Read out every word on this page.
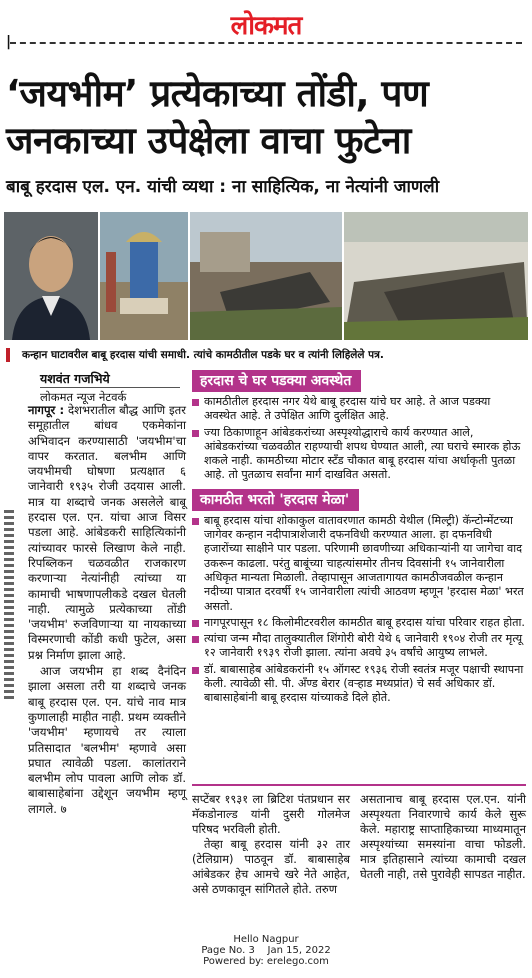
लोकमत
|
‘जयभीम’ प्रत्येकाच्या तोंडी, पण
जनकाच्या उपेक्षेला वाचा फुटेना
बाबू हरदास एल. एन. यांची व्यथा : ना साहित्यिक, ना नेत्यांनी जाणली
कन्हान घाटावरील बाबू हरदास यांची समाधी. त्यांचे कामठीतील पडके घर व त्यांनी लिहिलेले पत्र.
यशवंत गजभिये
लोकमत न्यूज नेटवर्क

नागपूर : देशभरातील बौद्ध आणि इतर समूहातील बांधव एकमेकांना अभिवादन करण्यासाठी 'जयभीम'चा वापर करतात. बलभीम आणि जयभीमची घोषणा प्रत्यक्षात ६ जानेवारी १९३५ रोजी उदयास आली. मात्र या शब्दाचे जनक असलेले बाबू हरदास एल. एन. यांचा आज विसर पडला आहे. आंबेडकरी साहित्यिकांनी त्यांच्यावर फारसे लिखाण केले नाही. रिपब्लिकन चळवळीत राजकारण करणाऱ्या नेत्यांनीही त्यांच्या या कामाची भाषणापलीकडे दखल घेतली नाही. त्यामुळे प्रत्येकाच्या तोंडी 'जयभीम' रुजविणाऱ्या या नायकाच्या विस्मरणाची कोंडी कधी फुटेल, असा प्रश्न निर्माण झाला आहे.

आज जयभीम हा शब्द दैनंदिन झाला असला तरी या शब्दाचे जनक बाबू हरदास एल. एन. यांचे नाव मात्र कुणालाही माहीत नाही. प्रथम व्यक्तीने 'जयभीम' म्हणायचे तर त्याला प्रतिसादात 'बलभीम' म्हणावे असा प्रघात त्यावेळी पडला. कालांतराने बलभीम लोप पावला आणि लोक डॉ. बाबासाहेबांना उद्देशून जयभीम म्हणू लागले. ७

हरदास चे घर पडक्या अवस्थेत
कामठीतील हरदास नगर येथे बाबू हरदास यांचे घर आहे. ते आज पडक्या अवस्थेत आहे. ते उपेक्षित आणि दुर्लक्षित आहे.
ज्या ठिकाणाहून आंबेडकरांच्या अस्पृश्योद्धाराचे कार्य करण्यात आले, आंबेडकरांच्या चळवळीत राहण्याची शपथ घेण्यात आली, त्या घराचे स्मारक होऊ शकले नाही. कामठीच्या मोटार स्टँड चौकात बाबू हरदास यांचा अर्धाकृती पुतळा आहे. तो पुतळाच सर्वांना मार्ग दाखवित असतो.
कामठीत भरतो 'हरदास मेळा'
बाबू हरदास यांचा शोकाकुल वातावरणात कामठी येथील (मिल्ट्री) कॅन्टोन्मेंटच्या जागेवर कन्हान नदीपात्राशेजारी दफनविधी करण्यात आला. हा दफनविधी हजारोंच्या साक्षीने पार पडला. परिणामी छावणीच्या अधिकाऱ्यांनी या जागेचा वाद उकरून काढला. परंतु बाबूंच्या चाहत्यांसमोर तीनच दिवसांनी १५ जानेवारीला अधिकृत मान्यता मिळाली. तेव्हापासून आजतागायत कामठीजवळील कन्हान नदीच्या पात्रात दरवर्षी १५ जानेवारीला त्यांची आठवण म्हणून 'हरदास मेळा' भरत असतो.
नागपूरपासून १८ किलोमीटरवरील कामठीत बाबू हरदास यांचा परिवार राहत होता.
त्यांचा जन्म मौदा तालुक्यातील शिंगोरी बोरी येथे ६ जानेवारी १९०४ रोजी तर मृत्यू १२ जानेवारी १९३९ रोजी झाला. त्यांना अवघे ३५ वर्षांचे आयुष्य लाभले.
डॉ. बाबासाहेब आंबेडकरांनी १५ ऑगस्ट १९३६ रोजी स्वतंत्र मजूर पक्षाची स्थापना केली. त्यावेळी सी. पी. अँण्ड बेरार (वऱ्हाड मध्यप्रांत) चे सर्व अधिकार डॉ. बाबासाहेबांनी बाबू हरदास यांच्याकडे दिले होते.

सप्टेंबर १९३१ ला ब्रिटिश पंतप्रधान सर मॅकडोनाल्ड यांनी दुसरी गोलमेज परिषद भरविली होती.

तेव्हा बाबू हरदास यांनी ३२ तार (टेलिग्राम) पाठवून डॉ. बाबासाहेब आंबेडकर हेच आमचे खरे नेते आहेत, असे ठणकावून सांगितले होते. तरुण

असतानाच बाबू हरदास एल.एन. यांनी अस्पृश्यता निवारणाचे कार्य केले सुरू केले. महाराष्ट्र साप्ताहिकाच्या माध्यमातून अस्पृश्यांच्या समस्यांना वाचा फोडली. मात्र इतिहासाने त्यांच्या कामाची दखल घेतली नाही, तसे पुरावेही सापडत नाहीत.

Hello Nagpur
Page No. 3    Jan 15, 2022
Powered by: erelego.com
